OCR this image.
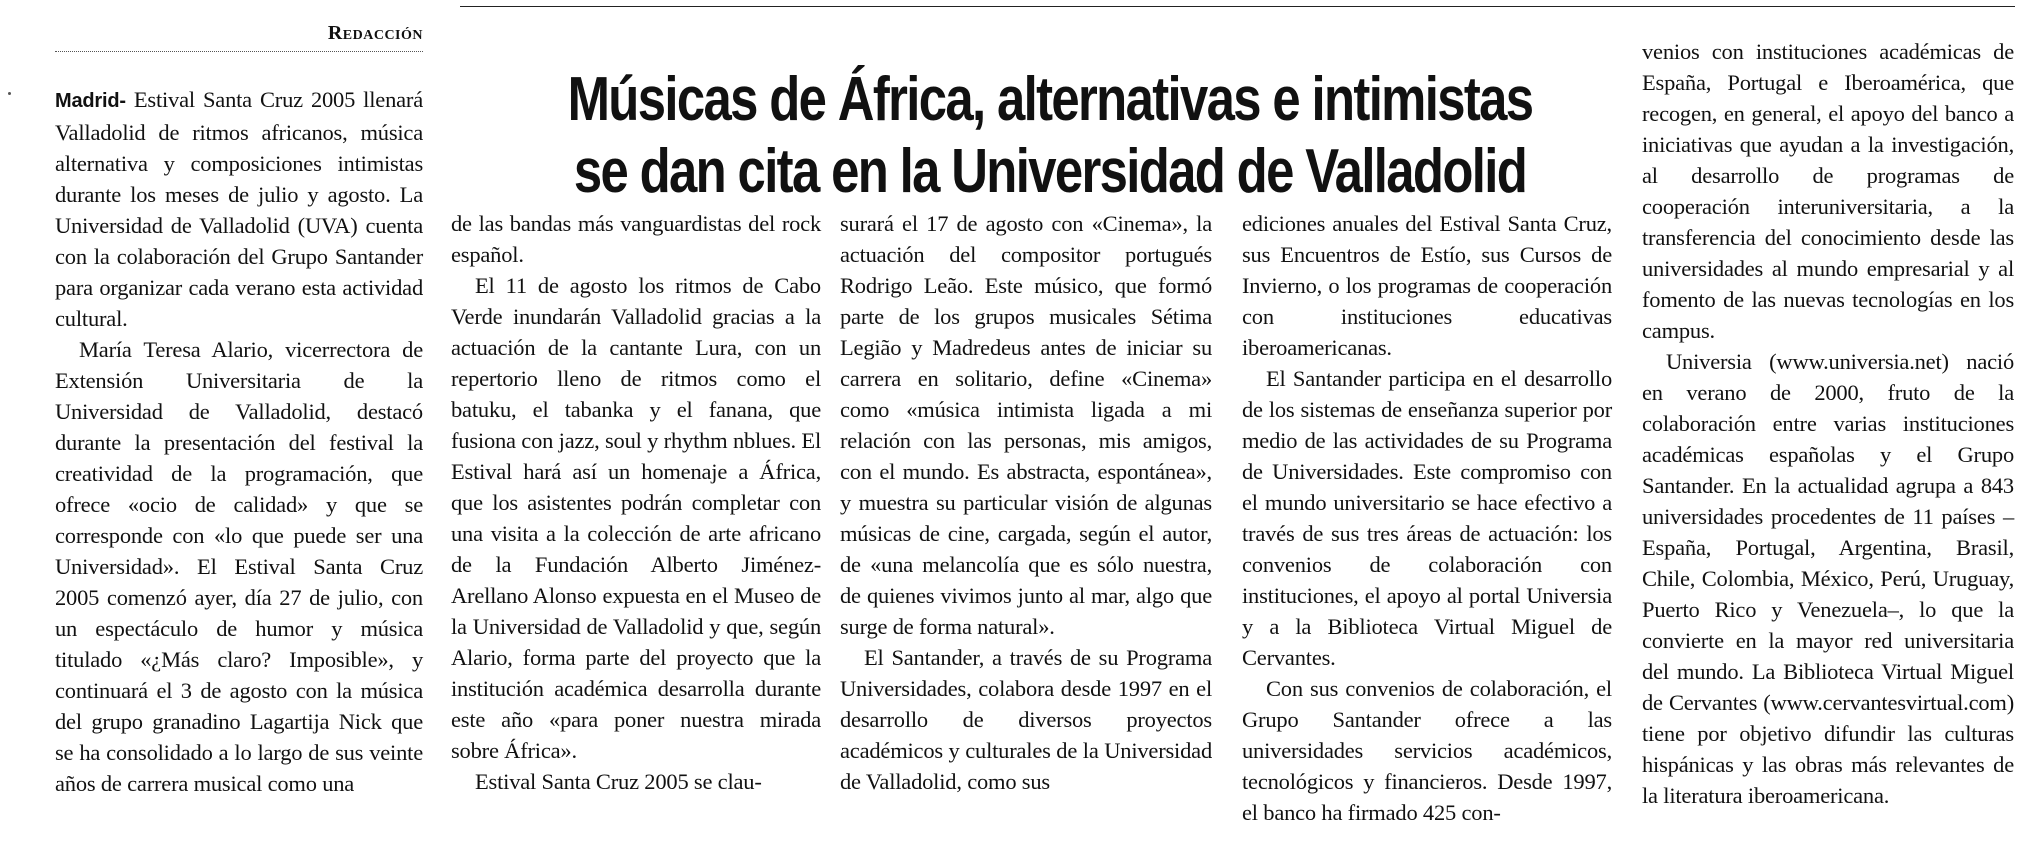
Redacción
Músicas de África, alternativas e intimistas se dan cita en la Universidad de Valladolid

Madrid- Estival Santa Cruz 2005 llenará Valladolid de ritmos africanos, música alternativa y composiciones intimistas durante los meses de julio y agosto. La Universidad de Valladolid (UVA) cuenta con la colaboración del Grupo Santander para organizar cada verano esta actividad cultural.

María Teresa Alario, vicerrectora de Extensión Universitaria de la Universidad de Valladolid, destacó durante la presentación del festival la creatividad de la programación, que ofrece «ocio de calidad» y que se corresponde con «lo que puede ser una Universidad». El Estival Santa Cruz 2005 comenzó ayer, día 27 de julio, con un espectáculo de humor y música titulado «¿Más claro? Imposible», y continuará el 3 de agosto con la música del grupo granadino Lagartija Nick que se ha consolidado a lo largo de sus veinte años de carrera musical como una

de las bandas más vanguardistas del rock español.

El 11 de agosto los ritmos de Cabo Verde inundarán Valladolid gracias a la actuación de la cantante Lura, con un repertorio lleno de ritmos como el batuku, el tabanka y el fanana, que fusiona con jazz, soul y rhythm nblues. El Estival hará así un homenaje a África, que los asistentes podrán completar con una visita a la colección de arte africano de la Fundación Alberto Jiménez-Arellano Alonso expuesta en el Museo de la Universidad de Valladolid y que, según Alario, forma parte del proyecto que la institución académica desarrolla durante este año «para poner nuestra mirada sobre África».

Estival Santa Cruz 2005 se clau-

surará el 17 de agosto con «Cinema», la actuación del compositor portugués Rodrigo Leão. Este músico, que formó parte de los grupos musicales Sétima Legião y Madredeus antes de iniciar su carrera en solitario, define «Cinema» como «música intimista ligada a mi relación con las personas, mis amigos, con el mundo. Es abstracta, espontánea», y muestra su particular visión de algunas músicas de cine, cargada, según el autor, de «una melancolía que es sólo nuestra, de quienes vivimos junto al mar, algo que surge de forma natural».

El Santander, a través de su Programa Universidades, colabora desde 1997 en el desarrollo de diversos proyectos académicos y culturales de la Universidad de Valladolid, como sus

ediciones anuales del Estival Santa Cruz, sus Encuentros de Estío, sus Cursos de Invierno, o los programas de cooperación con instituciones educativas iberoamericanas.

El Santander participa en el desarrollo de los sistemas de enseñanza superior por medio de las actividades de su Programa de Universidades. Este compromiso con el mundo universitario se hace efectivo a través de sus tres áreas de actuación: los convenios de colaboración con instituciones, el apoyo al portal Universia y a la Biblioteca Virtual Miguel de Cervantes.

Con sus convenios de colaboración, el Grupo Santander ofrece a las universidades servicios académicos, tecnológicos y financieros. Desde 1997, el banco ha firmado 425 con-

venios con instituciones académicas de España, Portugal e Iberoamérica, que recogen, en general, el apoyo del banco a iniciativas que ayudan a la investigación, al desarrollo de programas de cooperación interuniversitaria, a la transferencia del conocimiento desde las universidades al mundo empresarial y al fomento de las nuevas tecnologías en los campus.

Universia (www.universia.net) nació en verano de 2000, fruto de la colaboración entre varias instituciones académicas españolas y el Grupo Santander. En la actualidad agrupa a 843 universidades procedentes de 11 países –España, Portugal, Argentina, Brasil, Chile, Colombia, México, Perú, Uruguay, Puerto Rico y Venezuela–, lo que la convierte en la mayor red universitaria del mundo. La Biblioteca Virtual Miguel de Cervantes (www.cervantesvirtual.com) tiene por objetivo difundir las culturas hispánicas y las obras más relevantes de la literatura iberoamericana.
